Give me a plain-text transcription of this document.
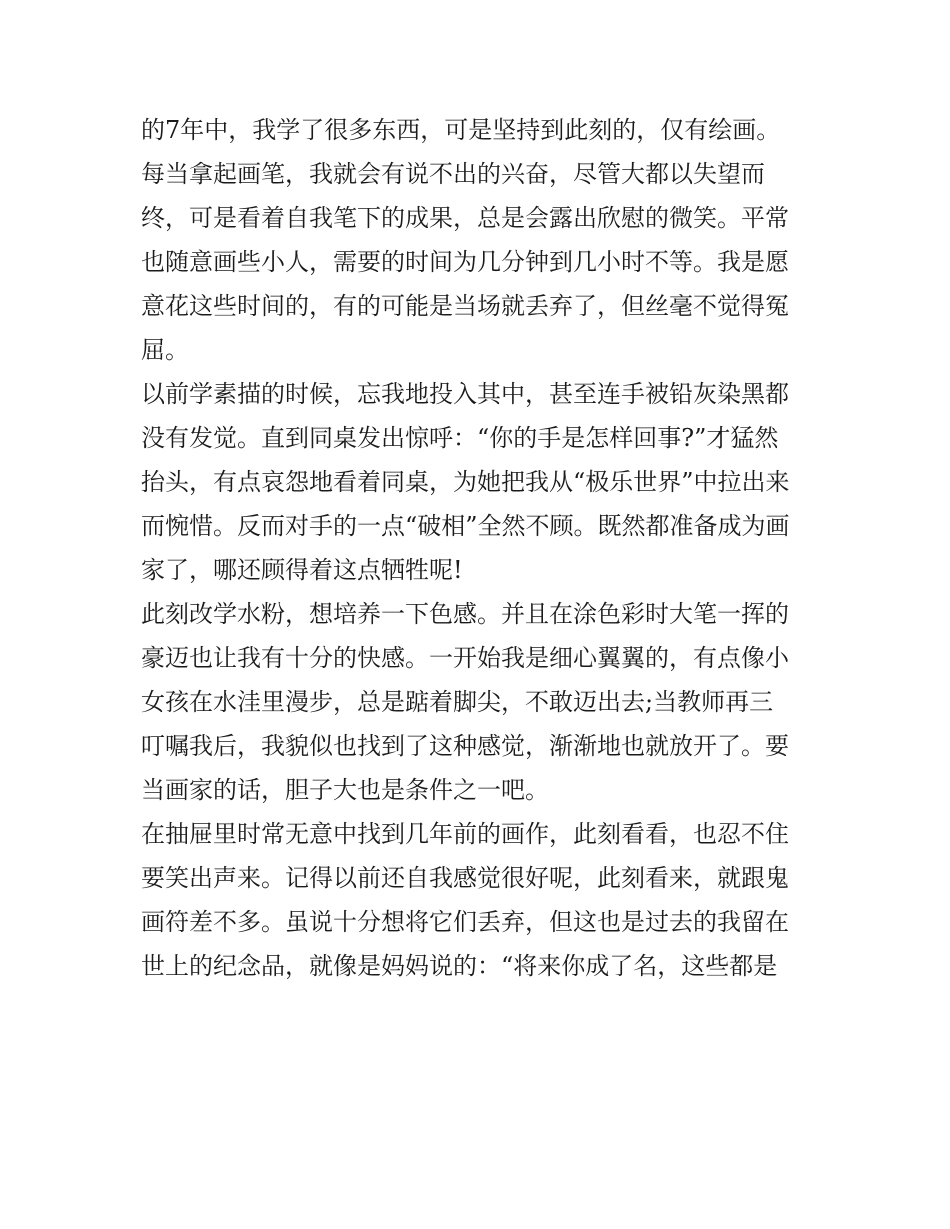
的7年中，我学了很多东西，可是坚持到此刻的，仅有绘画。
每当拿起画笔，我就会有说不出的兴奋，尽管大都以失望而
终，可是看着自我笔下的成果，总是会露出欣慰的微笑。平常
也随意画些小人，需要的时间为几分钟到几小时不等。我是愿
意花这些时间的，有的可能是当场就丢弃了，但丝毫不觉得冤
屈。
以前学素描的时候，忘我地投入其中，甚至连手被铅灰染黑都
没有发觉。直到同桌发出惊呼：“你的手是怎样回事?”才猛然
抬头，有点哀怨地看着同桌，为她把我从“极乐世界”中拉出来
而惋惜。反而对手的一点“破相”全然不顾。既然都准备成为画
家了，哪还顾得着这点牺牲呢!
此刻改学水粉，想培养一下色感。并且在涂色彩时大笔一挥的
豪迈也让我有十分的快感。一开始我是细心翼翼的，有点像小
女孩在水洼里漫步，总是踮着脚尖，不敢迈出去;当教师再三
叮嘱我后，我貌似也找到了这种感觉，渐渐地也就放开了。要
当画家的话，胆子大也是条件之一吧。
在抽屉里时常无意中找到几年前的画作，此刻看看，也忍不住
要笑出声来。记得以前还自我感觉很好呢，此刻看来，就跟鬼
画符差不多。虽说十分想将它们丢弃，但这也是过去的我留在
世上的纪念品，就像是妈妈说的：“将来你成了名，这些都是
